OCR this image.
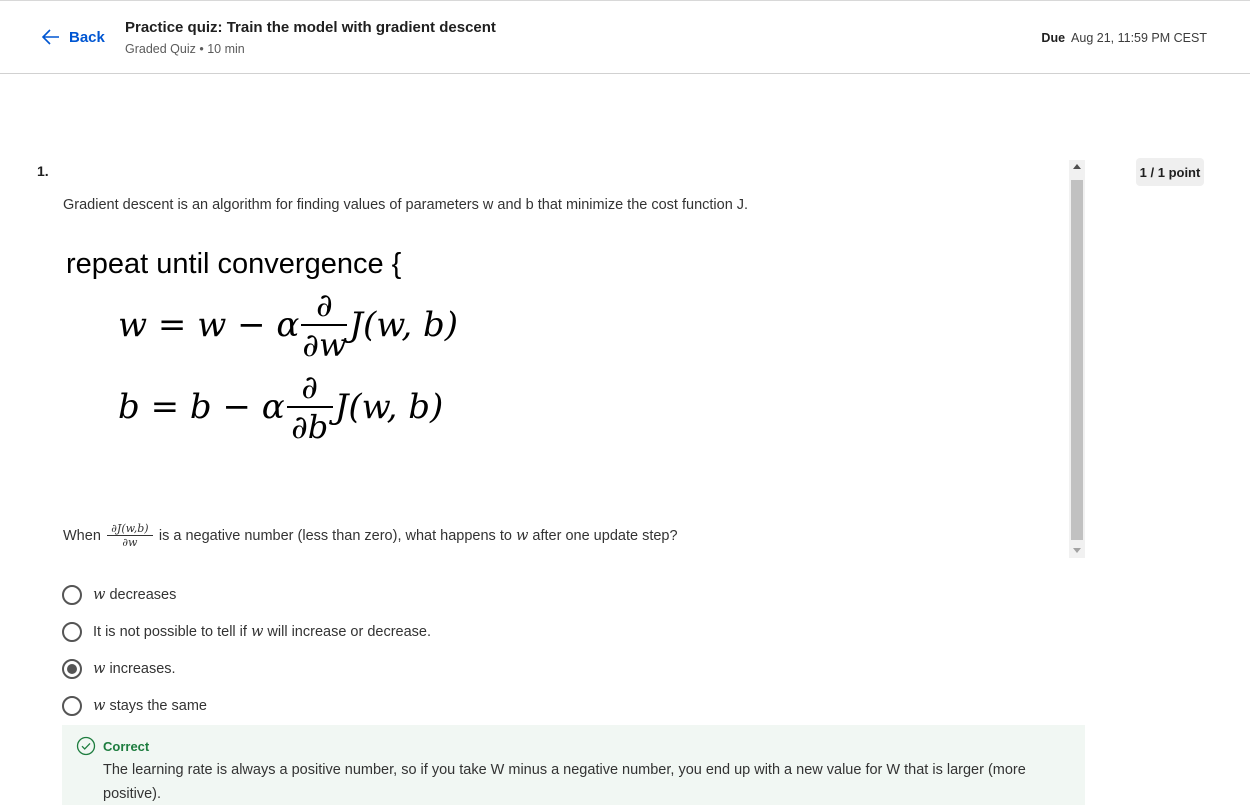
Back
Practice quiz: Train the model with gradient descent
Graded Quiz • 10 min
Due Aug 21, 11:59 PM CEST
1.	1 / 1 point
Gradient descent is an algorithm for finding values of parameters w and b that minimize the cost function J.
repeat until convergence {
w = w − α $\frac{\partial}{\partial w} J(w$, b)
b = b − α $\frac{\partial}{\partial b} J(w$, b)
When $\frac{\partial J(w,b)}{\partial w}$ is a negative number (less than zero), what happens to
w
after one update step?
w
decreases
It is not possible to tell if
w
will increase or decrease.
w
increases.
w
stays the same
Correct
The learning rate is always a positive number, so if you take W minus a negative number, you end up with a new value for W that is larger (more positive).
